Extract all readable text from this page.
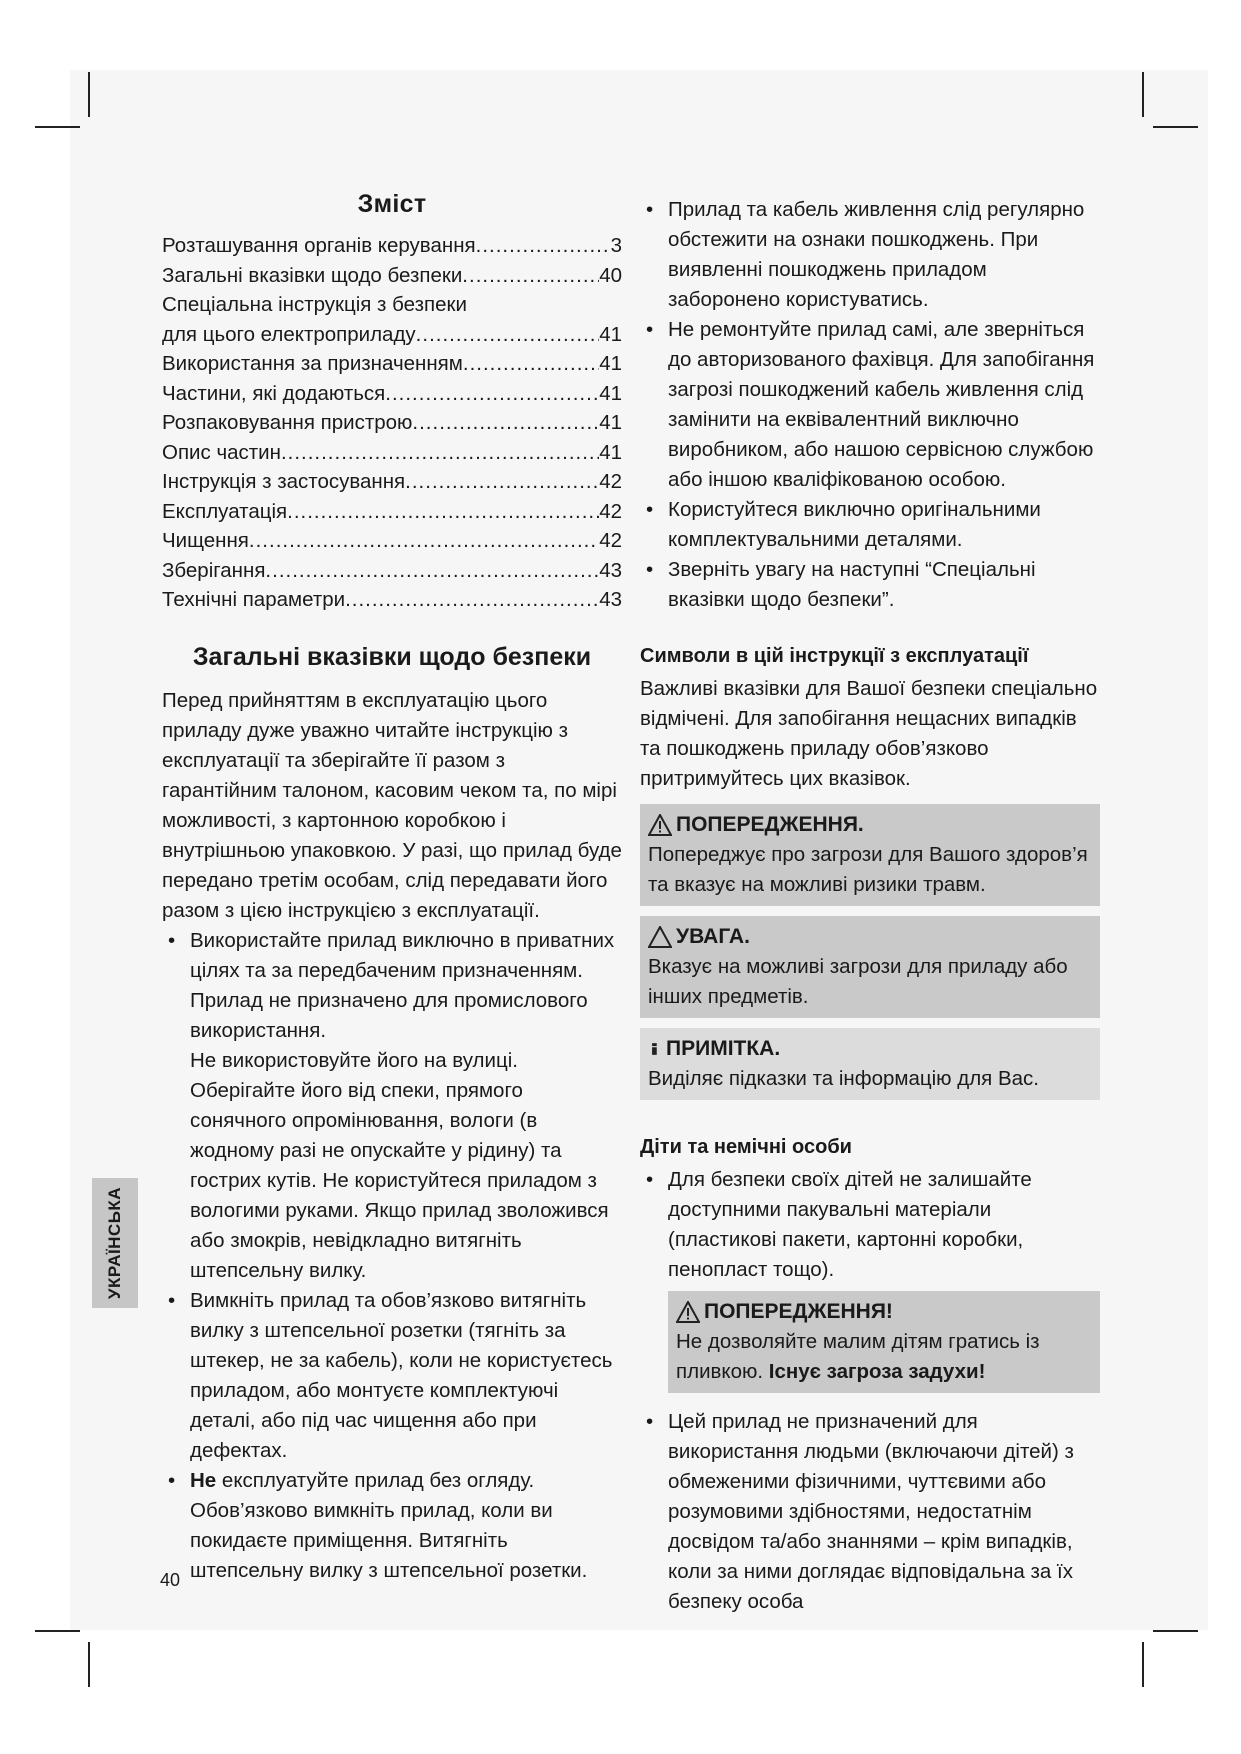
Зміст
Розташування органів керування .....	3
Загальні вказівки щодо безпеки .....	40
Спеціальна інструкція з безпеки
для цього електроприладу .....	41
Використання за призначенням .....	41
Частини, які додаються .....	41
Розпаковування пристрою .....	41
Опис частин .....	41
Інструкція з застосування .....	42
Експлуатація .....	42
Чищення .....	42
Зберігання .....	43
Технічні параметри .....	43
Загальні вказівки щодо безпеки

Перед прийняттям в експлуатацію цього приладу дуже уважно читайте інструкцію з експлуатації та зберігайте її разом з гарантійним талоном, касовим чеком та, по мірі можливості, з картонною коробкою і внутрішньою упаковкою. У разі, що прилад буде передано третім особам, слід передавати його разом з цією інструкцією з експлуатації.

• Використайте прилад виключно в приватних цілях та за передбаченим призначенням. Прилад не призначено для промислового використання.
Не використовуйте його на вулиці. Оберігайте його від спеки, прямого сонячного опромінювання, вологи (в жодному разі не опускайте у рідину) та гострих кутів. Не користуйтеся приладом з вологими руками. Якщо прилад зволожився або змокрів, невідкладно витягніть штепсельну вилку.
• Вимкніть прилад та обов’язково витягніть вилку з штепсельної розетки (тягніть за штекер, не за кабель), коли не користуєтесь приладом, або монтуєте комплектуючі деталі, або під час чищення або при дефектах.
• Не експлуатуйте прилад без огляду. Обов’язково вимкніть прилад, коли ви покидаєте приміщення. Витягніть штепсельну вилку з штепсельної розетки.
• Прилад та кабель живлення слід регулярно обстежити на ознаки пошкоджень. При виявленні пошкоджень приладом заборонено користуватись.
• Не ремонтуйте прилад самі, але зверніться до авторизованого фахівця. Для запобігання загрозі пошкоджений кабель живлення слід замінити на еквівалентний виключно виробником, або нашою сервісною службою або іншою кваліфікованою особою.
• Користуйтеся виключно оригінальними комплектувальними деталями.
• Зверніть увагу на наступні “Спеціальні вказівки щодо безпеки”.
Символи в цій інструкції з експлуатації

Важливі вказівки для Вашої безпеки спеціально відмічені. Для запобігання нещасних випадків та пошкоджень приладу обов’язково притримуйтесь цих вказівок.

ПОПЕРЕДЖЕННЯ.
Попереджує про загрози для Вашого здоров’я та вказує на можливі ризики травм.
УВАГА.
Вказує на можливі загрози для приладу або інших предметів.
ПРИМІТКА.
Виділяє підказки та інформацію для Вас.
Діти та немічні особи
• Для безпеки своїх дітей не залишайте доступними пакувальні матеріали (пластикові пакети, картонні коробки, пенопласт тощо).
ПОПЕРЕДЖЕННЯ!
Не дозволяйте малим дітям гратись із пливкою. Існує загроза задухи!
• Цей прилад не призначений для використання людьми (включаючи дітей) з обмеженими фізичними, чуттєвими або розумовими здібностями, недостатнім досвідом та/або знаннями – крім випадків, коли за ними доглядає відповідальна за їх безпеку особа
УКРАЇНСЬКА
40
